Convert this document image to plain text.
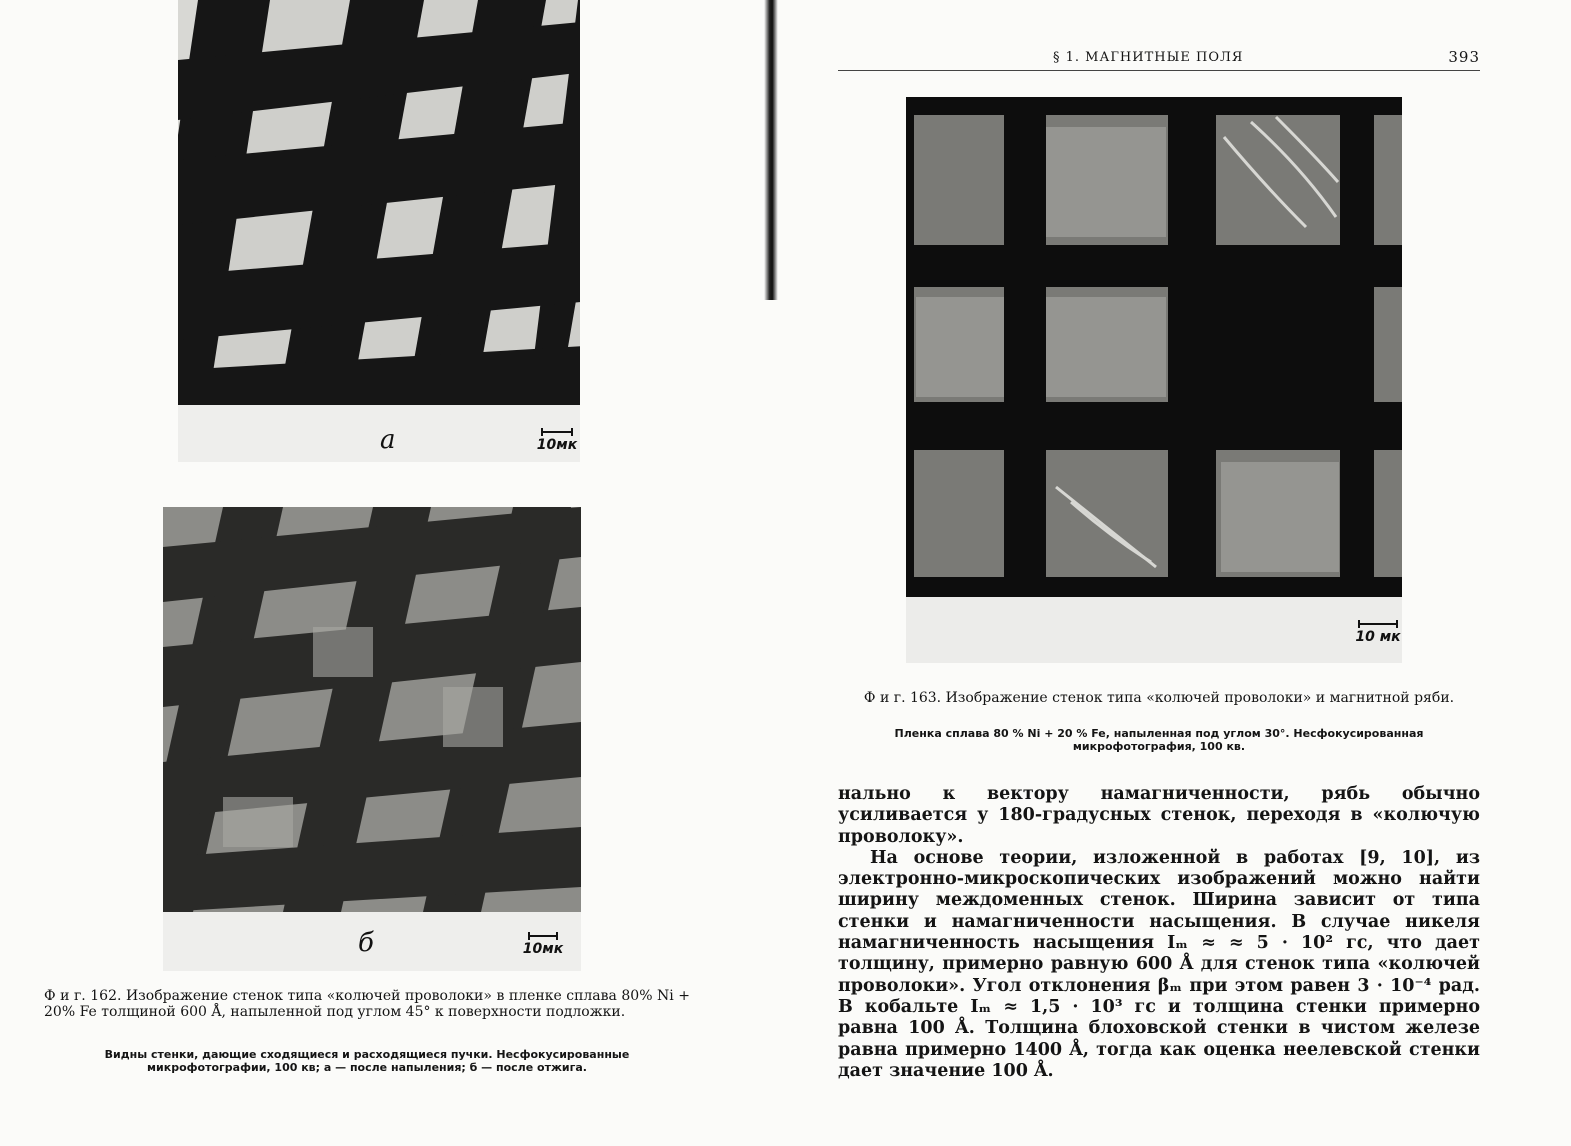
а	10мк
б	10мк
Ф и г. 162. Изображение стенок типа «колючей проволоки» в пленке сплава 80% Ni + 20% Fe толщиной 600 Å, напыленной под углом 45° к поверхности подложки.
Видны стенки, дающие сходящиеся и расходящиеся пучки. Несфокусированные микрофотографии, 100 кв; а — после напыления; б — после отжига.
§ 1. МАГНИТНЫЕ ПОЛЯ	393
10 мк
Ф и г. 163. Изображение стенок типа «колючей проволоки» и магнитной ряби.
Пленка сплава 80 % Ni + 20 % Fe, напыленная под углом 30°. Несфокусированная микрофотография, 100 кв.

нально к вектору намагниченности, рябь обычно усиливается у 180-градусных стенок, переходя в «колючую проволоку».

На основе теории, изложенной в работах [9, 10], из электронно-микроскопических изображений можно найти ширину междоменных стенок. Ширина зависит от типа стенки и намагниченности насыщения. В случае никеля намагниченность насыщения Iₘ ≈ ≈ 5 · 10² гс, что дает толщину, примерно равную 600 Å для стенок типа «колючей проволоки». Угол отклонения βₘ при этом равен 3 · 10⁻⁴ рад. В кобальте Iₘ ≈ 1,5 · 10³ гс и толщина стенки примерно равна 100 Å. Толщина блоховской стенки в чистом железе равна примерно 1400 Å, тогда как оценка неелевской стенки дает значение 100 Å.
